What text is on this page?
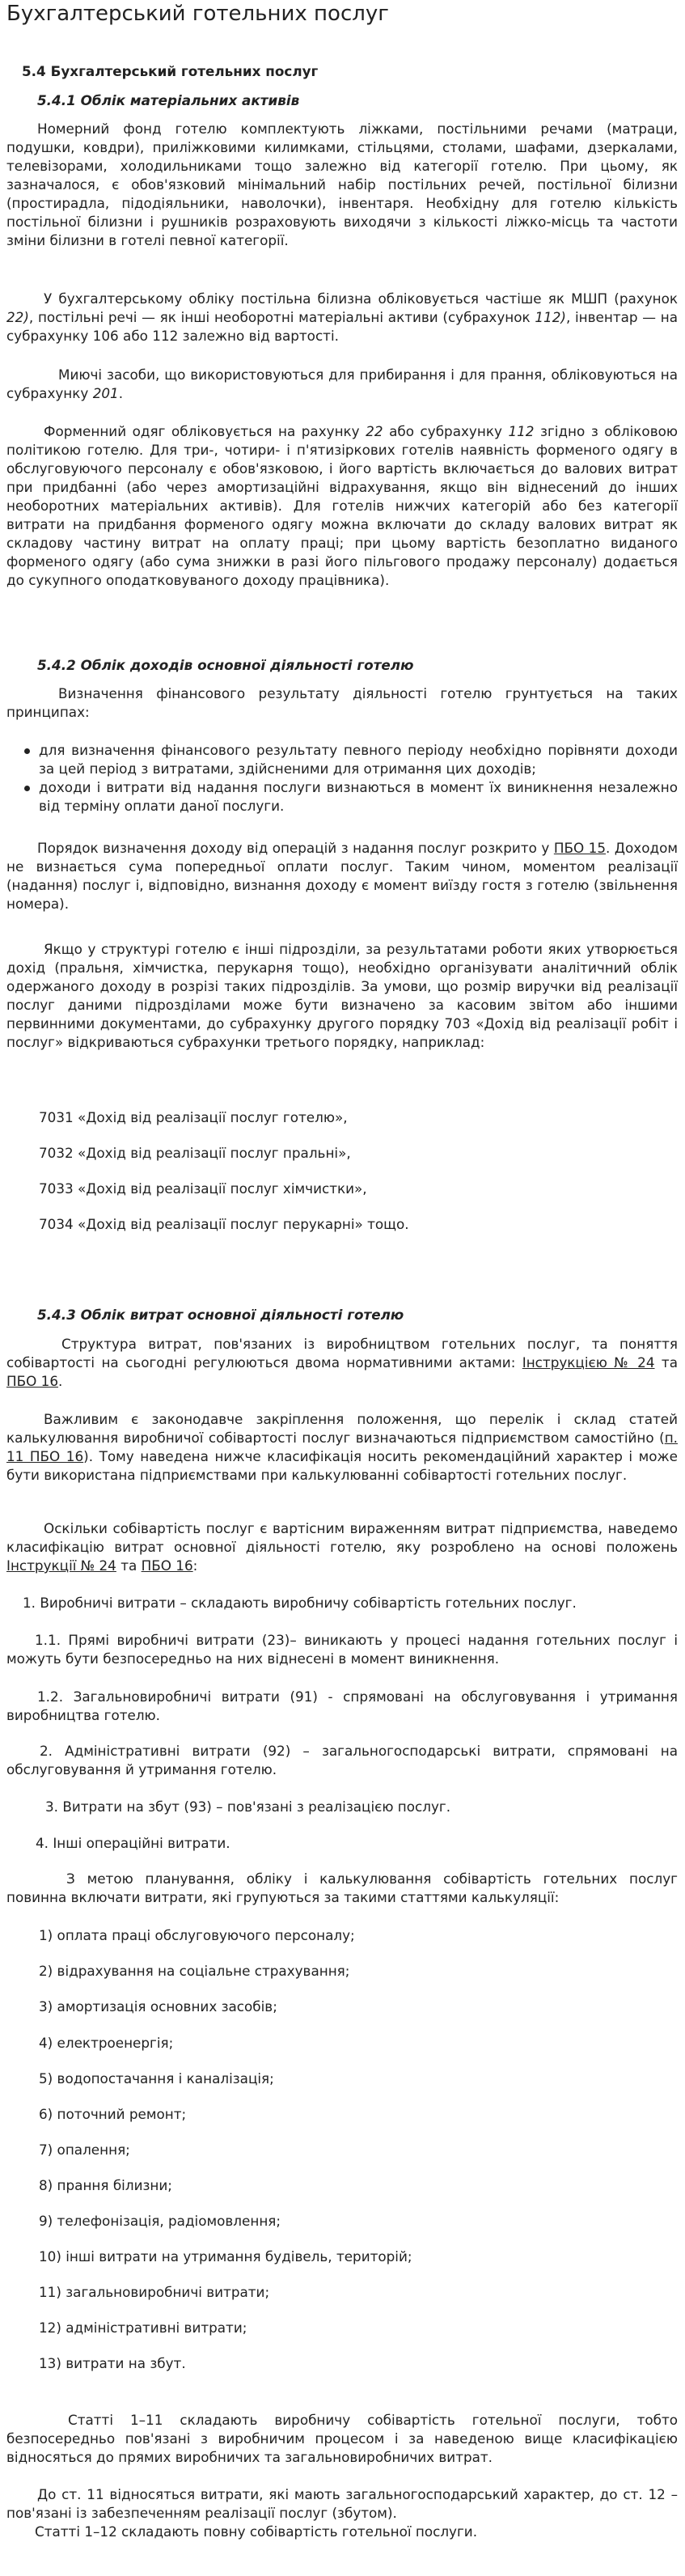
Бухгалтерський готельних послуг
5.4 Бухгалтерський готельних послуг
5.4.1 Облік матеріальних активів

Номерний фонд готелю комплектують ліжками, постільними речами (матраци, подушки, ковдри), приліжковими килимками, стільцями, столами, шафами, дзеркалами, телевізорами, холодильниками тощо залежно від категорії готелю. При цьому, як зазначалося, є обов'язковий мінімальний набір постільних речей, постільної білизни (простирадла, підодіяльники, наволочки), інвентаря. Необхідну для готелю кількість постільної білизни і рушників розраховують виходячи з кількості ліжко-місць та частоти зміни білизни в готелі певної категорії.

У бухгалтерському обліку постільна білизна обліковується частіше як МШП (рахунок 22), постільні речі — як інші необоротні матеріальні активи (субрахунок 112), інвентар — на субрахунку 106 або 112 залежно від вартості.

Миючі засоби, що використовуються для прибирання і для прання, обліковуються на субрахунку 201.

Форменний одяг обліковується на рахунку 22 або субрахунку 112 згідно з обліковою політикою готелю. Для три-, чотири- і п'ятизіркових готелів наявність форменого одягу в обслуговуючого персоналу є обов'язковою, і його вартість включається до валових витрат при придбанні (або через амортизаційні відрахування, якщо він віднесений до інших необоротних матеріальних активів). Для готелів нижчих категорій або без категорії витрати на придбання форменого одягу можна включати до складу валових витрат як складову частину витрат на оплату праці; при цьому вартість безоплатно виданого форменого одягу (або сума знижки в разі його пільгового продажу персоналу) додається до сукупного оподатковуваного доходу працівника).

5.4.2 Облік доходів основної діяльності готелю

Визначення фінансового результату діяльності готелю грунтується на таких принципах:

для визначення фінансового результату певного періоду необхідно порівняти доходи за цей період з витратами, здійсненими для отримання цих доходів;
доходи і витрати від надання послуги визнаються в момент їх виникнення незалежно від терміну оплати даної послуги.

Порядок визначення доходу від операцій з надання послуг розкрито у ПБО 15. Доходом не визнається сума попередньої оплати послуг. Таким чином, моментом реалізації (надання) послуг і, відповідно, визнання доходу є момент виїзду гостя з готелю (звільнення номера).

Якщо у структурі готелю є інші підрозділи, за результатами роботи яких утворюється дохід (пральня, хімчистка, перукарня тощо), необхідно організувати аналітичний облік одержаного доходу в розрізі таких підрозділів. За умови, що розмір виручки від реалізації послуг даними підрозділами може бути визначено за касовим звітом або іншими первинними документами, до субрахунку другого порядку 703 «Дохід від реалізації робіт і послуг» відкриваються субрахунки третього порядку, наприклад:

7031 «Дохід від реалізації послуг готелю»,
7032 «Дохід від реалізації послуг пральні»,
7033 «Дохід від реалізації послуг хімчистки»,
7034 «Дохід від реалізації послуг перукарні» тощо.
5.4.3 Облік витрат основної діяльності готелю

Структура витрат, пов'язаних із виробництвом готельних послуг, та поняття собівартості на сьогодні регулюються двома нормативними актами: Інструкцією № 24 та ПБО 16.

Важливим є законодавче закріплення положення, що перелік і склад статей калькулювання виробничої собівартості послуг визначаються підприємством самостійно (п. 11 ПБО 16). Тому наведена нижче класифікація носить рекомендаційний характер і може бути використана підприємствами при калькулюванні собівартості готельних послуг.

Оскільки собівартість послуг є вартісним вираженням витрат підприємства, наведемо класифікацію витрат основної діяльності готелю, яку розроблено на основі положень Інструкції № 24 та ПБО 16:

1. Виробничі витрати – складають виробничу собівартість готельних послуг.

1.1. Прямі виробничі витрати (23)– виникають у процесі надання готельних послуг і можуть бути безпосередньо на них віднесені в момент виникнення.

1.2. Загальновиробничі витрати (91) - спрямовані на обслуговування і утримання виробництва готелю.

2. Адміністративні витрати (92) – загальногосподарські витрати, спрямовані на обслуговування й утримання готелю.

3. Витрати на збут (93) – пов'язані з реалізацією послуг.

4. Інші операційні витрати.

З метою планування, обліку і калькулювання собівартість готельних послуг повинна включати витрати, які групуються за такими статтями калькуляції:

1) оплата праці обслуговуючого персоналу;
2) відрахування на соціальне страхування;
3) амортизація основних засобів;
4) електроенергія;
5) водопостачання і каналізація;
6) поточний ремонт;
7) опалення;
8) прання білизни;
9) телефонізація, радіомовлення;
10) інші витрати на утримання будівель, територій;
11) загальновиробничі витрати;
12) адміністративні витрати;
13) витрати на збут.

Статті 1–11 складають виробничу собівартість готельної послуги, тобто безпосередньо пов'язані з виробничим процесом і за наведеною вище класифікацією відносяться до прямих виробничих та загальновиробничих витрат.

До ст. 11 відносяться витрати, які мають загальногосподарський характер, до ст. 12 – пов'язані із забезпеченням реалізації послуг (збутом).

Статті 1–12 складають повну собівартість готельної послуги.
